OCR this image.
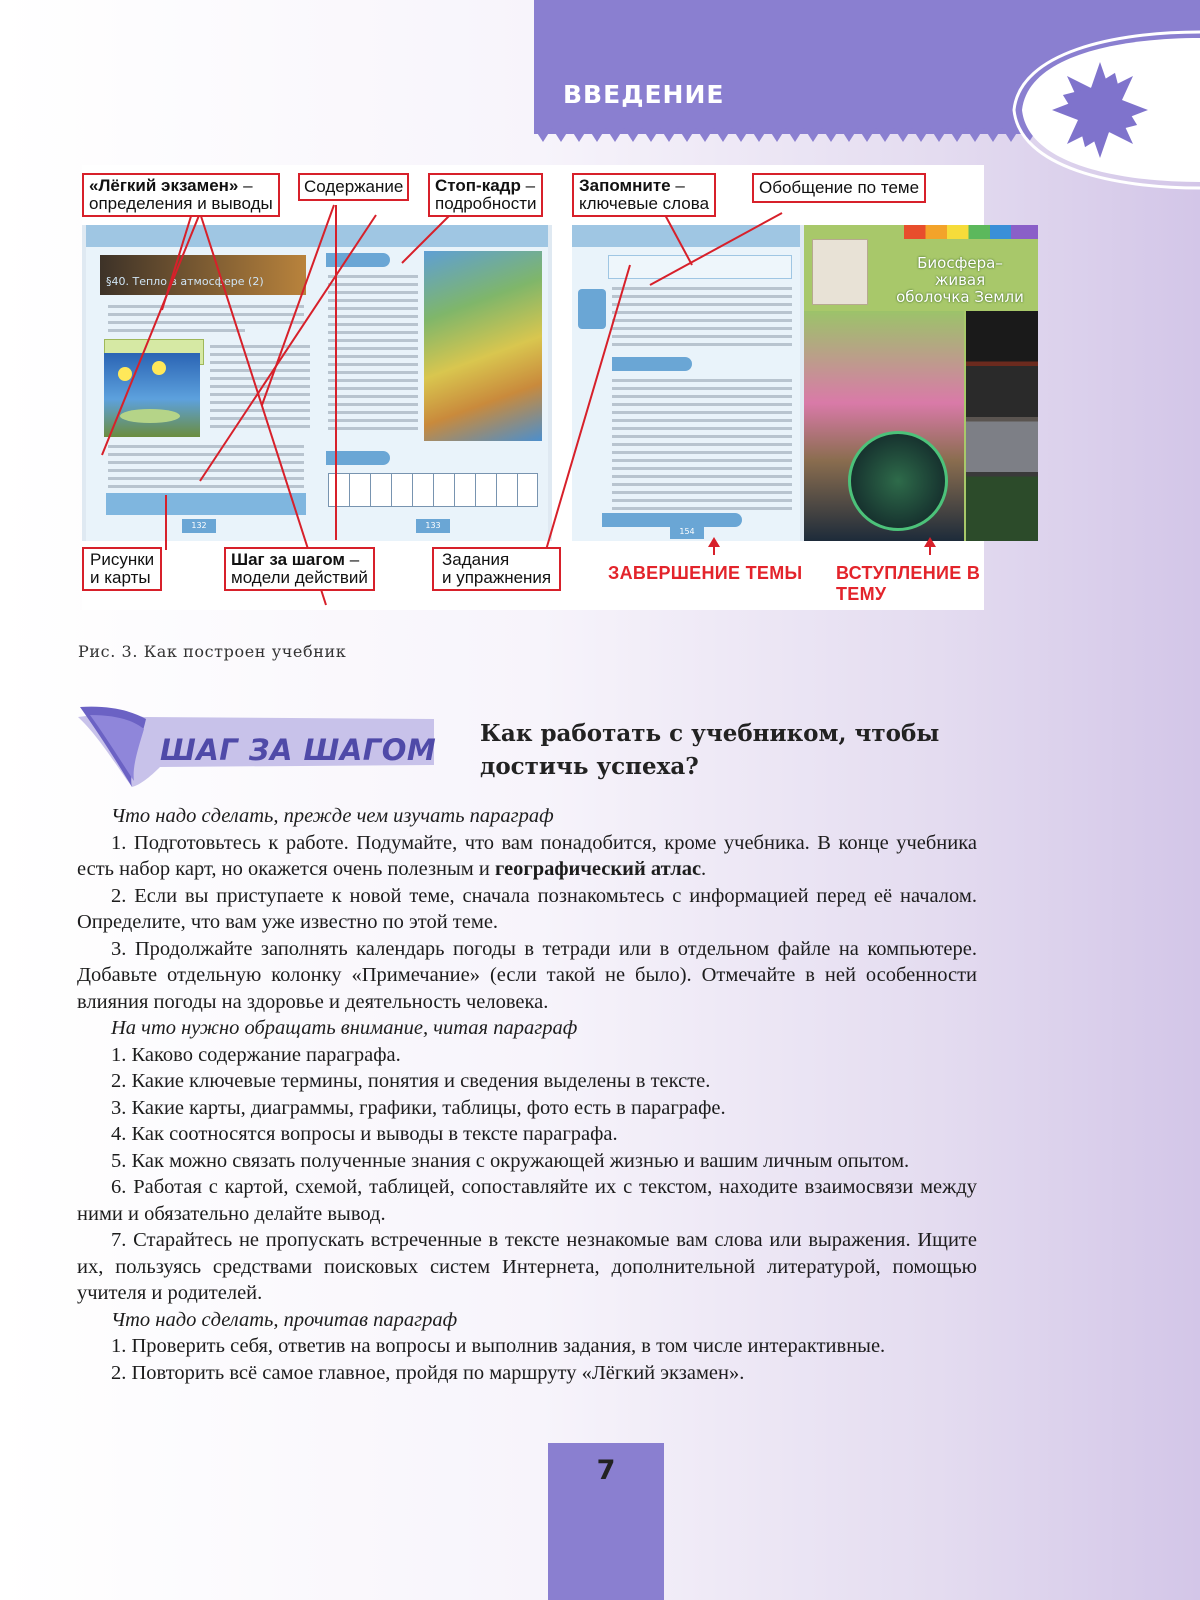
ВВЕДЕНИЕ
§40. Тепло в атмосфере (2)
132	133
154
Биосфера–
живая
оболочка Земли
«Лёгкий экзамен» –
определения и выводы
Содержание	Стоп-кадр –
подробности
Запомните –
ключевые слова
Обобщение по теме
Рисунки
и карты
Шаг за шагом –
модели действий
Задания
и упражнения	ЗАВЕРШЕНИЕ ТЕМЫ ВСТУПЛЕНИЕ В ТЕМУ
Рис. 3. Как построен учебник
ШАГ ЗА ШАГОМ Как работать с учебником, чтобы достичь успеха?

Что надо сделать, прежде чем изучать параграф

1. Подготовьтесь к работе. Подумайте, что вам понадобится, кроме учебника. В конце учебника есть набор карт, но окажется очень полезным и географический атлас.

2. Если вы приступаете к новой теме, сначала познакомьтесь с информацией перед её началом. Определите, что вам уже известно по этой теме.

3. Продолжайте заполнять календарь погоды в тетради или в отдельном файле на компьютере. Добавьте отдельную колонку «Примечание» (если такой не было). Отмечайте в ней особенности влияния погоды на здоровье и деятельность человека.

На что нужно обращать внимание, читая параграф

1. Каково содержание параграфа.

2. Какие ключевые термины, понятия и сведения выделены в тексте.

3. Какие карты, диаграммы, графики, таблицы, фото есть в параграфе.

4. Как соотносятся вопросы и выводы в тексте параграфа.

5. Как можно связать полученные знания с окружающей жизнью и вашим личным опытом.

6. Работая с картой, схемой, таблицей, сопоставляйте их с текстом, находите взаимосвязи между ними и обязательно делайте вывод.

7. Старайтесь не пропускать встреченные в тексте незнакомые вам слова или выражения. Ищите их, пользуясь средствами поисковых систем Интернета, дополнительной литературой, помощью учителя и родителей.

Что надо сделать, прочитав параграф

1. Проверить себя, ответив на вопросы и выполнив задания, в том числе интерактивные.

2. Повторить всё самое главное, пройдя по маршруту «Лёгкий экзамен».

7
